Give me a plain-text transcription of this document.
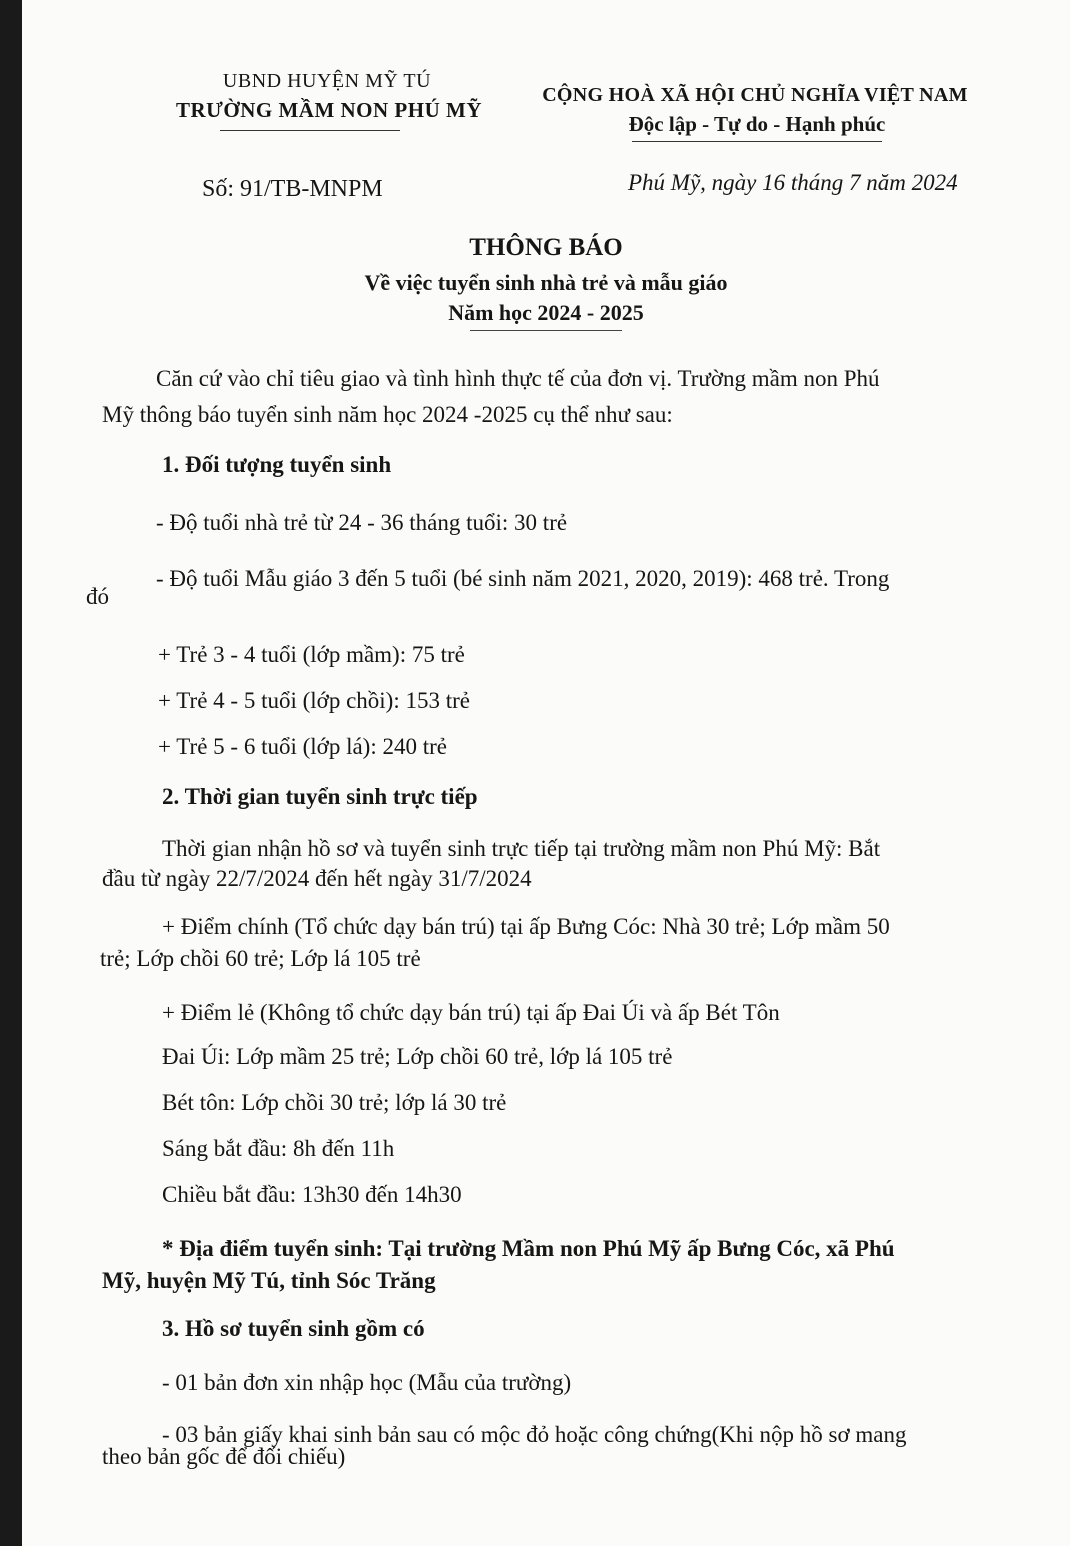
UBND HUYỆN MỸ TÚ
TRƯỜNG MẦM NON PHÚ MỸ
CỘNG HOÀ XÃ HỘI CHỦ NGHĨA VIỆT NAM
Độc lập - Tự do - Hạnh phúc
Số: 91/TB-MNPM	Phú Mỹ, ngày 16 tháng 7 năm 2024
THÔNG BÁO
Về việc tuyển sinh nhà trẻ và mẫu giáo
Năm học 2024 - 2025
Căn cứ vào chỉ tiêu giao và tình hình thực tế của đơn vị. Trường mầm non Phú
Mỹ thông báo tuyển sinh năm học 2024 -2025 cụ thể như sau:
1. Đối tượng tuyển sinh
- Độ tuổi nhà trẻ từ 24 - 36 tháng tuổi: 30 trẻ
- Độ tuổi Mẫu giáo 3 đến 5 tuổi (bé sinh năm 2021, 2020, 2019): 468 trẻ. Trong
đó
+ Trẻ 3 - 4 tuổi (lớp mầm): 75 trẻ
+ Trẻ 4 - 5 tuổi (lớp chồi): 153 trẻ
+ Trẻ 5 - 6 tuổi (lớp lá): 240 trẻ
2. Thời gian tuyển sinh trực tiếp
Thời gian nhận hồ sơ và tuyển sinh trực tiếp tại trường mầm non Phú Mỹ: Bắt
đầu từ ngày 22/7/2024 đến hết ngày 31/7/2024
+ Điểm chính (Tổ chức dạy bán trú) tại ấp Bưng Cóc: Nhà 30 trẻ; Lớp mầm 50
trẻ; Lớp chồi 60 trẻ; Lớp lá 105 trẻ
+ Điểm lẻ (Không tổ chức dạy bán trú) tại ấp Đai Úi và ấp Bét Tôn
Đai Úi: Lớp mầm 25 trẻ; Lớp chồi 60 trẻ, lớp lá 105 trẻ
Bét tôn: Lớp chồi 30 trẻ; lớp lá 30 trẻ
Sáng bắt đầu: 8h đến 11h
Chiều bắt đầu: 13h30 đến 14h30
* Địa điểm tuyển sinh: Tại trường Mầm non Phú Mỹ ấp Bưng Cóc, xã Phú
Mỹ, huyện Mỹ Tú, tỉnh Sóc Trăng
3. Hồ sơ tuyển sinh gồm có
- 01 bản đơn xin nhập học (Mẫu của trường)
- 03 bản giấy khai sinh bản sau có mộc đỏ hoặc công chứng(Khi nộp hồ sơ mang
theo bản gốc để đối chiếu)
